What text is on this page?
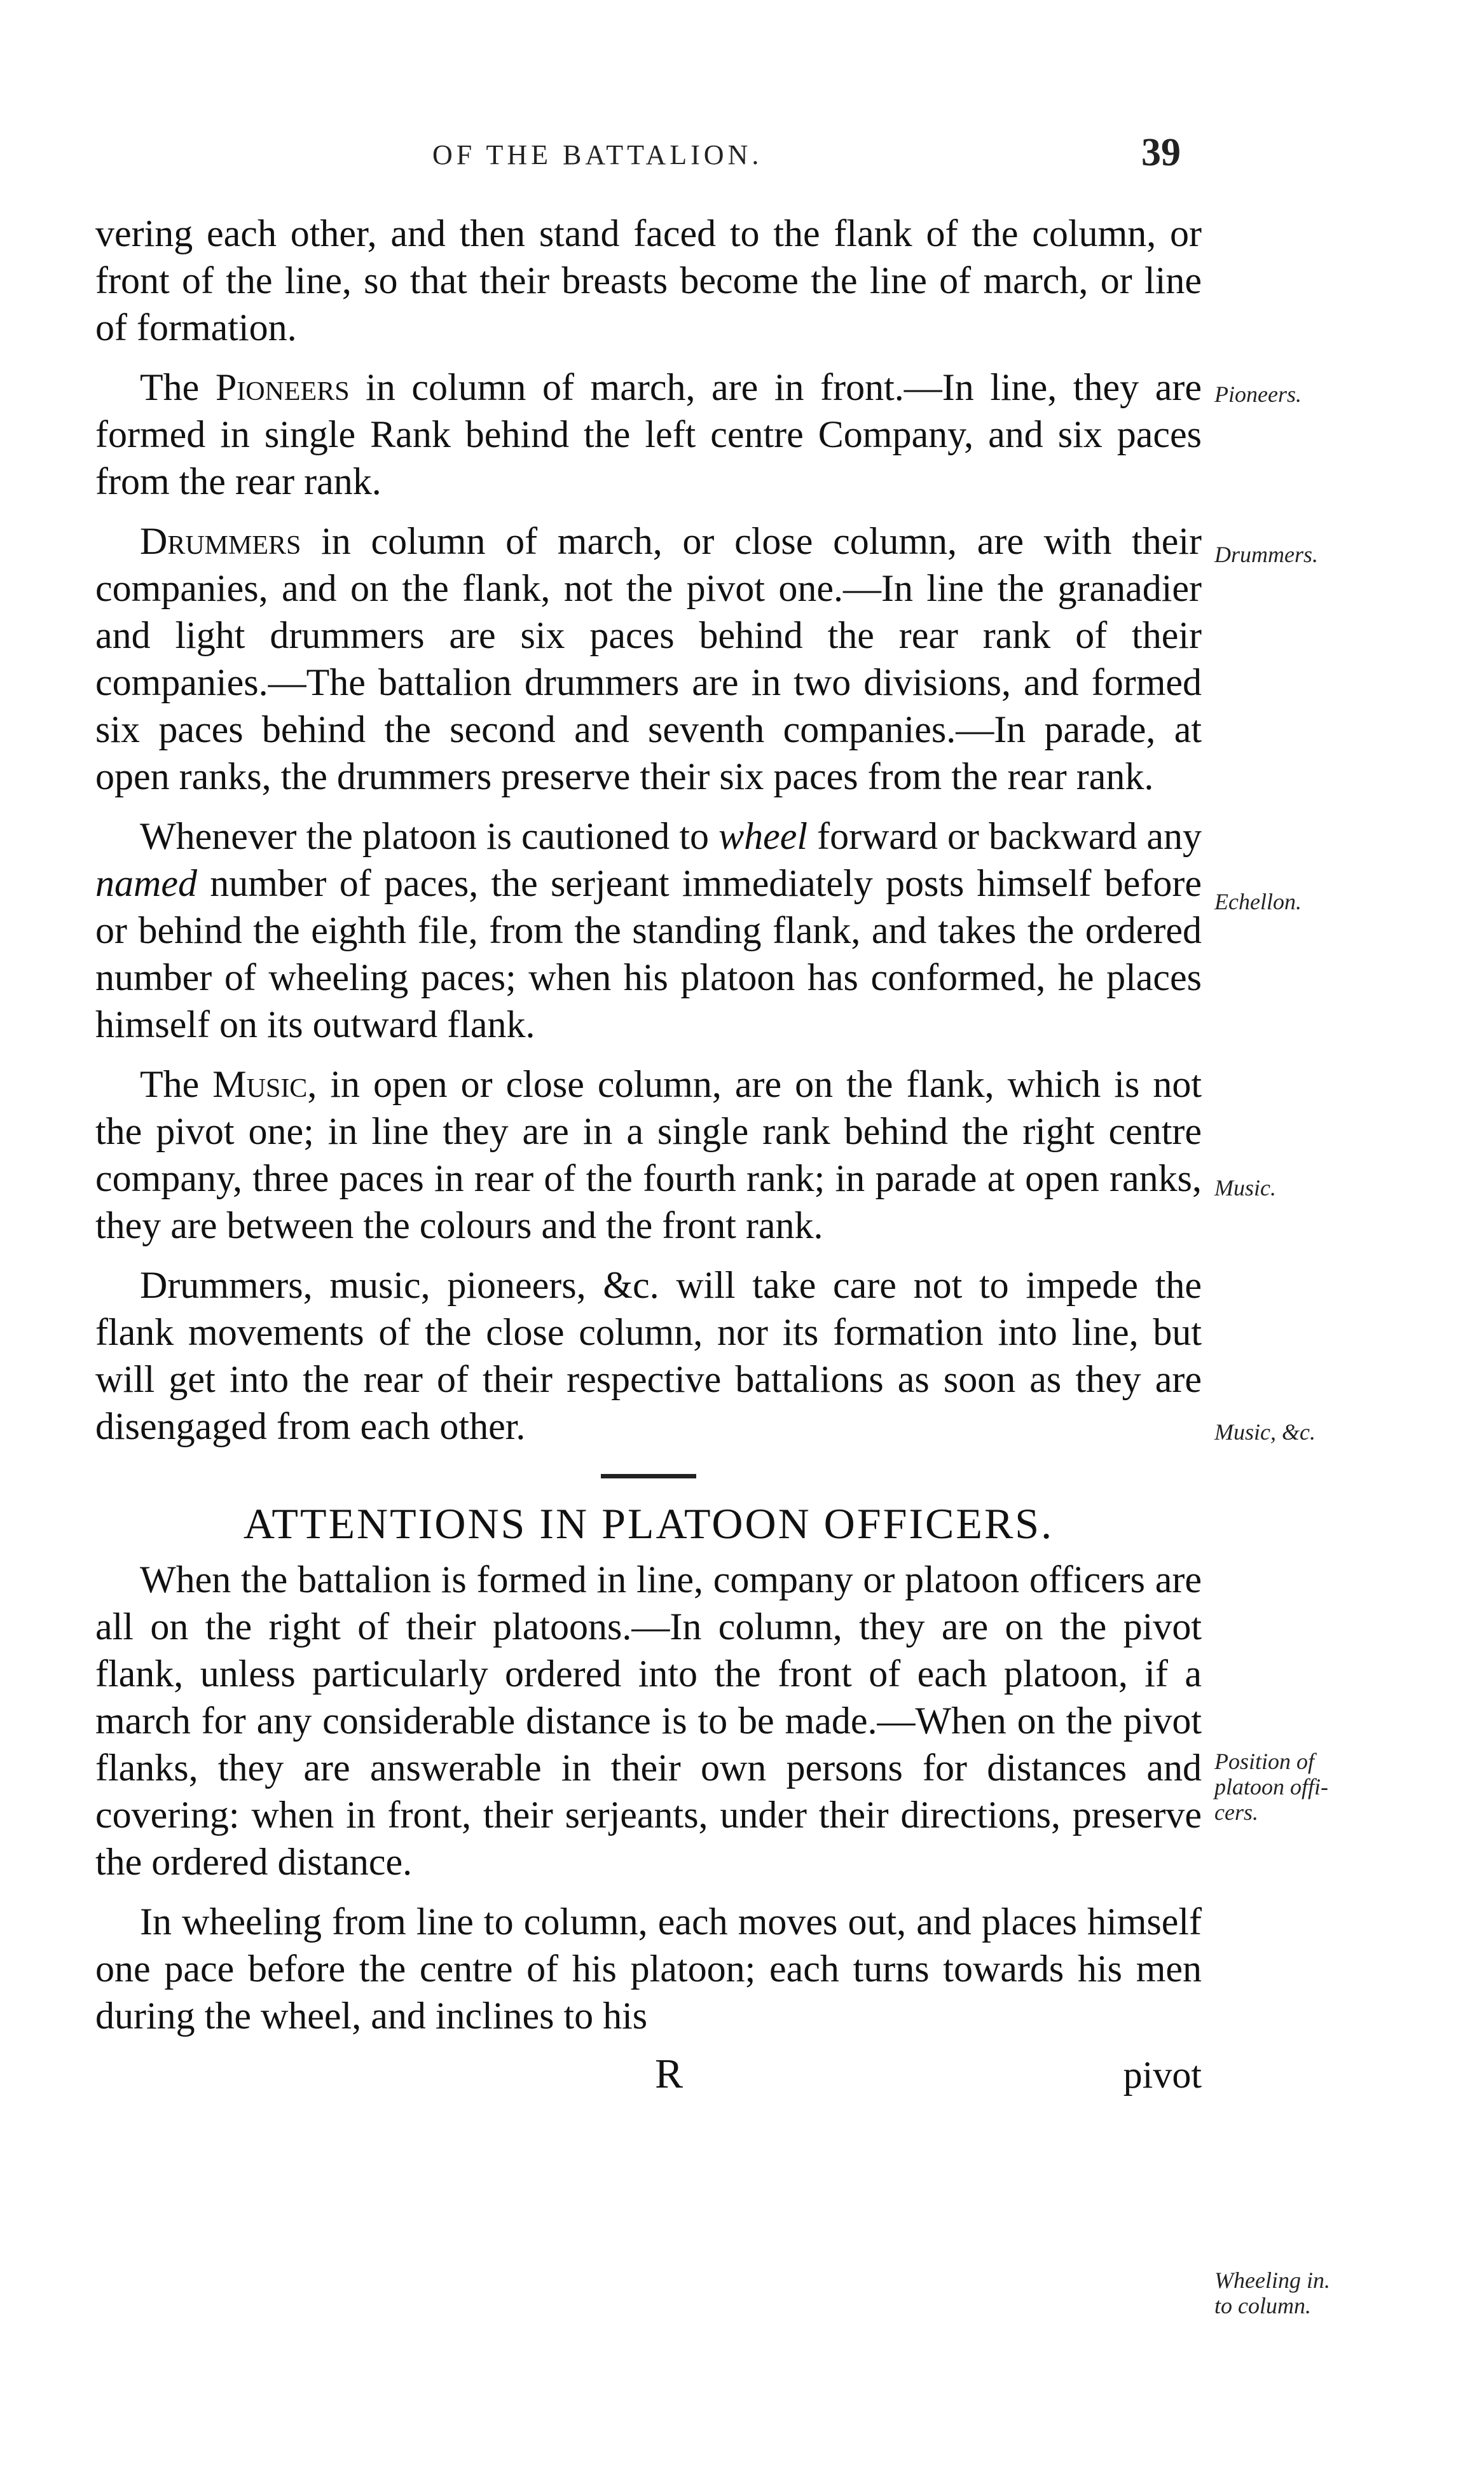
OF THE BATTALION.	39

vering each other, and then stand faced to the flank of the column, or front of the line, so that their breasts become the line of march, or line of formation.

The Pioneers in column of march, are in front.—In line, they are formed in single Rank behind the left centre Company, and six paces from the rear rank.

Drummers in column of march, or close column, are with their companies, and on the flank, not the pivot one.—In line the granadier and light drummers are six paces behind the rear rank of their companies.—The battalion drummers are in two divisions, and formed six paces behind the second and seventh companies.—In parade, at open ranks, the drummers preserve their six paces from the rear rank.

Whenever the platoon is cautioned to wheel forward or backward any named number of paces, the serjeant immediately posts himself before or behind the eighth file, from the standing flank, and takes the ordered number of wheeling paces; when his platoon has conformed, he places himself on its outward flank.

The Music, in open or close column, are on the flank, which is not the pivot one; in line they are in a single rank behind the right centre company, three paces in rear of the fourth rank; in parade at open ranks, they are between the colours and the front rank.

Drummers, music, pioneers, &c. will take care not to impede the flank movements of the close column, nor its formation into line, but will get into the rear of their respective battalions as soon as they are disengaged from each other.

ATTENTIONS IN PLATOON OFFICERS.

When the battalion is formed in line, company or platoon officers are all on the right of their platoons.—In column, they are on the pivot flank, unless particularly ordered into the front of each platoon, if a march for any considerable distance is to be made.—When on the pivot flanks, they are answerable in their own persons for distances and covering: when in front, their serjeants, under their directions, preserve the ordered distance.

In wheeling from line to column, each moves out, and places himself one pace before the centre of his platoon; each turns towards his men during the wheel, and inclines to his

R	pivot
Pioneers.
Drummers.
Echellon.
Music.
Music, &c.
Position of
platoon offi-
cers.
Wheeling in.
to column.
